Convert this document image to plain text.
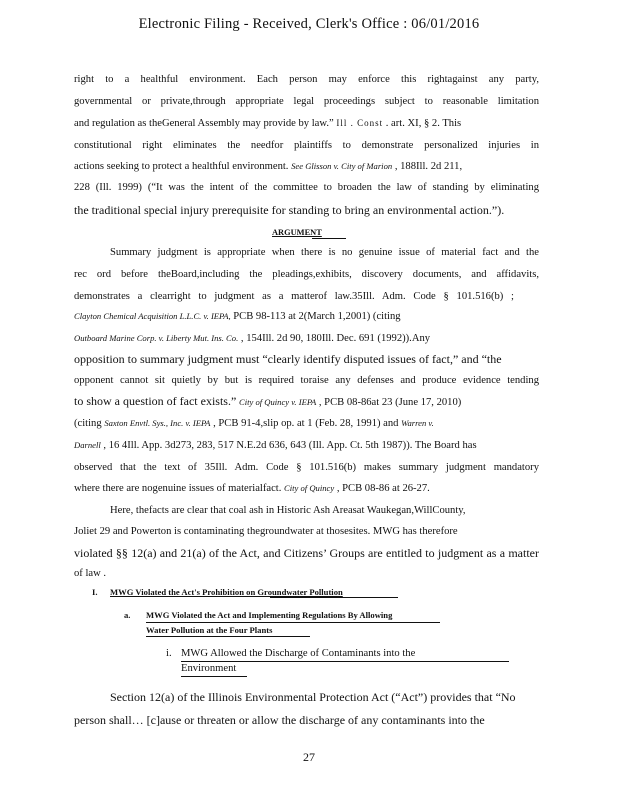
Electronic Filing - Received, Clerk's Office : 06/01/2016
right to a healthful environment. Each person may enforce this rightagainst any party,
governmental or private,through appropriate legal proceedings subject to reasonable limitation
and regulation as theGeneral Assembly may provide by law.” Ill . Const . art. XI, § 2. This
constitutional right eliminates the needfor plaintiffs to demonstrate personalized injuries in
actions seeking to protect a healthful environment. See Glisson v. City of Marion , 188Ill. 2d 211,
228 (Ill. 1999) (“It was the intent of the committee to broaden the law of standing by eliminating
the traditional special injury prerequisite for standing to bring an environmental action.”).
ARGUMENT
Summary judgment is appropriate when there is no genuine issue of material fact and the
rec ord before theBoard,including the pleadings,exhibits, discovery documents, and affidavits,
demonstrates a clearright to judgment as a matterof law.35Ill. Adm. Code § 101.516(b) ;
Clayton Chemical Acquisition L.L.C. v. IEPA, PCB 98-113 at 2(March 1,2001) (citing
Outboard Marine Corp. v. Liberty Mut. Ins. Co. , 154Ill. 2d 90, 180Ill. Dec. 691 (1992)).Any
opposition to summary judgment must “clearly identify disputed issues of fact,” and “the
opponent cannot sit quietly by but is required toraise any defenses and produce evidence tending
to show a question of fact exists.” City of Quincy v. IEPA , PCB 08-86at 23 (June 17, 2010)
(citing Saxton Envtl. Sys., Inc. v. IEPA , PCB 91-4,slip op. at 1 (Feb. 28, 1991) and Warren v.
Darnell , 16 4Ill. App. 3d273, 283, 517 N.E.2d 636, 643 (Ill. App. Ct. 5th 1987)). The Board has
observed that the text of 35Ill. Adm. Code § 101.516(b) makes summary judgment mandatory
where there are nogenuine issues of materialfact. City of Quincy , PCB 08-86 at 26-27.
Here, thefacts are clear that coal ash in Historic Ash Areasat Waukegan,WillCounty,
Joliet 29 and Powerton is contaminating thegroundwater at thosesites. MWG has therefore
violated §§ 12(a) and 21(a) of the Act, and Citizens’ Groups are entitled to judgment as a matter
of law .
I. MWG Violated the Act's Prohibition on Groundwater Pollution
a. MWG Violated the Act and Implementing Regulations By Allowing
Water Pollution at the Four Plants
i. MWG Allowed the Discharge of Contaminants into the
Environment
Section 12(a) of the Illinois Environmental Protection Act (“Act”) provides that “No
person shall… [c]ause or threaten or allow the discharge of any contaminants into the
27
